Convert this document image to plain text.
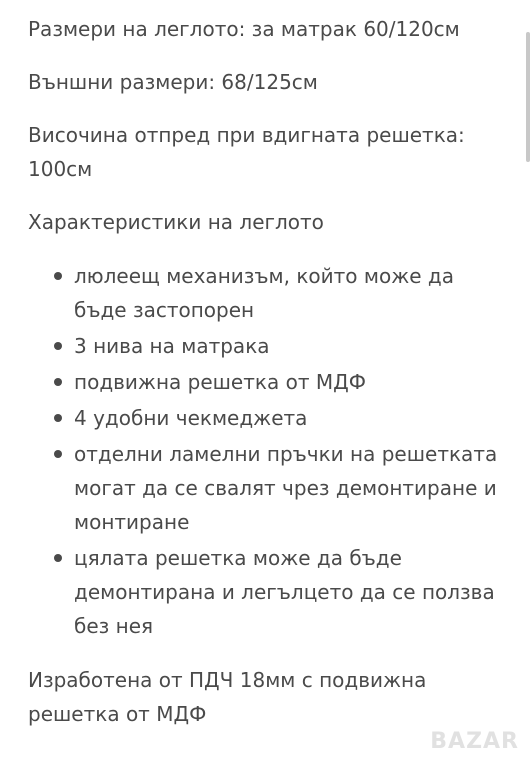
Размери на леглото: за матрак 60/120см

Външни размери: 68/125см

Височина отпред при вдигната решетка: 100см

Характеристики на леглото

люлеещ механизъм, който може да бъде застопорен
3 нива на матрака
подвижна решетка от МДФ
4 удобни чекмеджета
отделни ламелни пръчки на решетката могат да се свалят чрез демонтиране и монтиране
цялата решетка може да бъде демонтирана и легълцето да се ползва без нея

Изработена от ПДЧ 18мм с подвижна решетка от МДФ

BAZAR
